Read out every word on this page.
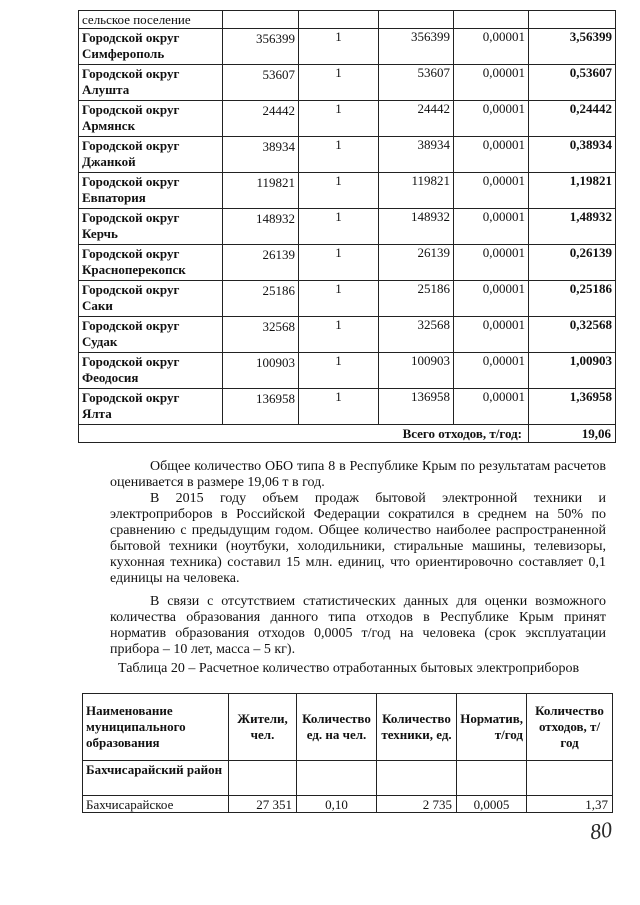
сельское поселение					

Городской округ
Симферополь	356399	1	356399	0,00001	3,56399

Городской округ
Алушта	53607	1	53607	0,00001	0,53607

Городской округ
Армянск	24442	1	24442	0,00001	0,24442

Городской округ
Джанкой	38934	1	38934	0,00001	0,38934

Городской округ
Евпатория	119821	1	119821	0,00001	1,19821

Городской округ
Керчь	148932	1	148932	0,00001	1,48932

Городской округ
Красноперекопск	26139	1	26139	0,00001	0,26139

Городской округ
Саки	25186	1	25186	0,00001	0,25186

Городской округ
Судак	32568	1	32568	0,00001	0,32568

Городской округ
Феодосия	100903	1	100903	0,00001	1,00903

Городской округ
Ялта	136958	1	136958	0,00001	1,36958
Всего отходов, т/год:					19,06

Общее количество ОБО типа 8 в Республике Крым по результатам расчетов оценивается в размере 19,06 т в год.

В 2015 году объем продаж бытовой электронной техники и электроприборов в Российской Федерации сократился в среднем на 50% по сравнению с предыдущим годом. Общее количество наиболее распространенной бытовой техники (ноутбуки, холодильники, стиральные машины, телевизоры, кухонная техника) составил 15 млн. единиц, что ориентировочно составляет 0,1 единицы на человека.

В связи с отсутствием статистических данных для оценки возможного количества образования данного типа отходов в Республике Крым принят норматив образования отходов 0,0005 т/год на человека (срок эксплуатации прибора – 10 лет, масса – 5 кг).

Таблица 20 – Расчетное количество отработанных бытовых электроприборов

Наименование муниципального образования	Жители, чел.	Количество ед. на чел.	Количество техники, ед.	Норматив, т/год	Количество отходов, т/год
Бахчисарайский район					
Бахчисарайское	27 351	0,10	2 735	0,0005	1,37
80
